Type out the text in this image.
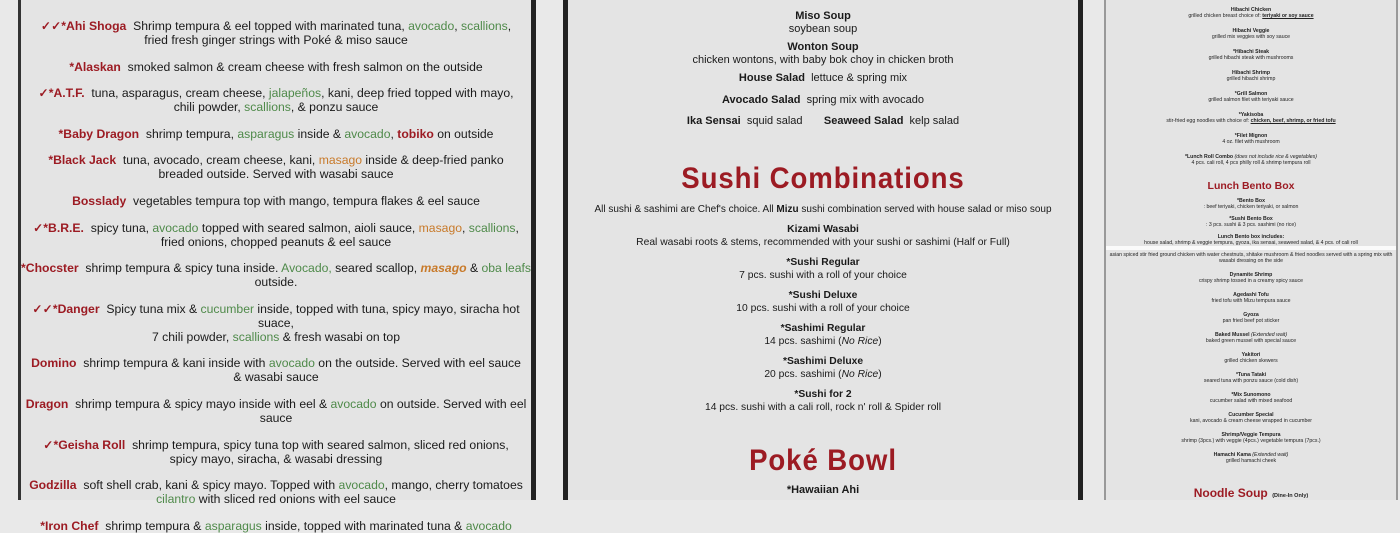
✓✓*Ahi Shoga Shrimp tempura & eel topped with marinated tuna, avocado, scallions,
fried fresh ginger strings with Poké & miso sauce
*Alaskan smoked salmon & cream cheese with fresh salmon on the outside
✓*A.T.F. tuna, asparagus, cream cheese, jalapeños, kani, deep fried topped with mayo,
chili powder, scallions, & ponzu sauce
*Baby Dragon shrimp tempura, asparagus inside & avocado, tobiko on outside
*Black Jack tuna, avocado, cream cheese, kani, masago inside & deep-fried panko
breaded outside. Served with wasabi sauce
Bosslady vegetables tempura top with mango, tempura flakes & eel sauce
✓*B.R.E. spicy tuna, avocado topped with seared salmon, aioli sauce, masago, scallions,
fried onions, chopped peanuts & eel sauce
*Chocster shrimp tempura & spicy tuna inside. Avocado, seared scallop, masago & oba leafs outside.
✓✓*Danger Spicy tuna mix & cucumber inside, topped with tuna, spicy mayo, siracha hot suace,
7 chili powder, scallions & fresh wasabi on top
Domino shrimp tempura & kani inside with avocado on the outside. Served with eel sauce
& wasabi sauce
Dragon shrimp tempura & spicy mayo inside with eel & avocado on outside. Served with eel sauce
✓*Geisha Roll shrimp tempura, spicy tuna top with seared salmon, sliced red onions,
spicy mayo, siracha, & wasabi dressing
Godzilla soft shell crab, kani & spicy mayo. Topped with avocado, mango, cherry tomatoes
cilantro with sliced red onions with eel sauce
*Iron Chef shrimp tempura & asparagus inside, topped with marinated tuna & avocado
Miso Soup
soybean soup
Wonton Soup
chicken wontons, with baby bok choy in chicken broth
House Salad lettuce & spring mix
Avocado Salad spring mix with avocado
Ika Sensai squid salad Seaweed Salad kelp salad
Sushi Combinations
All sushi & sashimi are Chef's choice. All Mizu sushi combination served with house salad or miso soup
Kizami Wasabi
Real wasabi roots & stems, recommended with your sushi or sashimi (Half or Full)
*Sushi Regular
7 pcs. sushi with a roll of your choice
*Sushi Deluxe
10 pcs. sushi with a roll of your choice
*Sashimi Regular
14 pcs. sashimi (No Rice)
*Sashimi Deluxe
20 pcs. sashimi (No Rice)
*Sushi for 2
14 pcs. sushi with a cali roll, rock n' roll & Spider roll
Poké Bowl
*Hawaiian Ahi
Hibachi Chicken
grilled chicken breast choice of: teriyaki or soy sauce
Hibachi Veggie
grilled mix veggies with soy sauce
*Hibachi Steak
grilled hibachi steak with mushrooms
Hibachi Shrimp
grilled hibachi shrimp
*Grill Salmon
grilled salmon filet with teriyaki sauce
*Yakisoba
stir-fried egg noodles with choice of: chicken, beef, shrimp, or fried tofu
*Filet Mignon
4 oz. filet with mushroom
*Lunch Roll Combo (does not include rice & vegetables)
4 pcs. cali roll, 4 pcs philly roll & shrimp tempura roll
Lunch Bento Box
*Bento Box
: beef teriyaki, chicken teriyaki, or salmon
*Sushi Bento Box
: 3 pcs. sushi & 3 pcs. sashimi (no rice)
Lunch Bento box includes:
house salad, shrimp & veggie tempura, gyoza, ika sensai, seaweed salad, & 4 pcs. of cali roll
asian spiced stir fried ground chicken with water chestnuts, shitake mushroom & fried noodles served with a spring mix with wasabi dressing on the side
Dynamite Shrimp
crispy shrimp tossed in a creamy spicy sauce
Agedashi Tofu
fried tofu with Mizu tempura sauce
Gyoza
pan fried beef pot sticker
Baked Mussel (Extended wait)
baked green mussel with special sauce
Yakitori
grilled chicken skewers
*Tuna Tataki
seared tuna with ponzu sauce (cold dish)
*Mix Sunomono
cucumber salad with mixed seafood
Cucumber Special
kani, avocado & cream cheese wrapped in cucumber
Shrimp/Veggie Tempura
shrimp (3pcs.) with veggie (4pcs.) vegetable tempura (7pcs.)
Hamachi Kama (Extended wait)
grilled hamachi cheek
Noodle Soup (Dine-In Only)
